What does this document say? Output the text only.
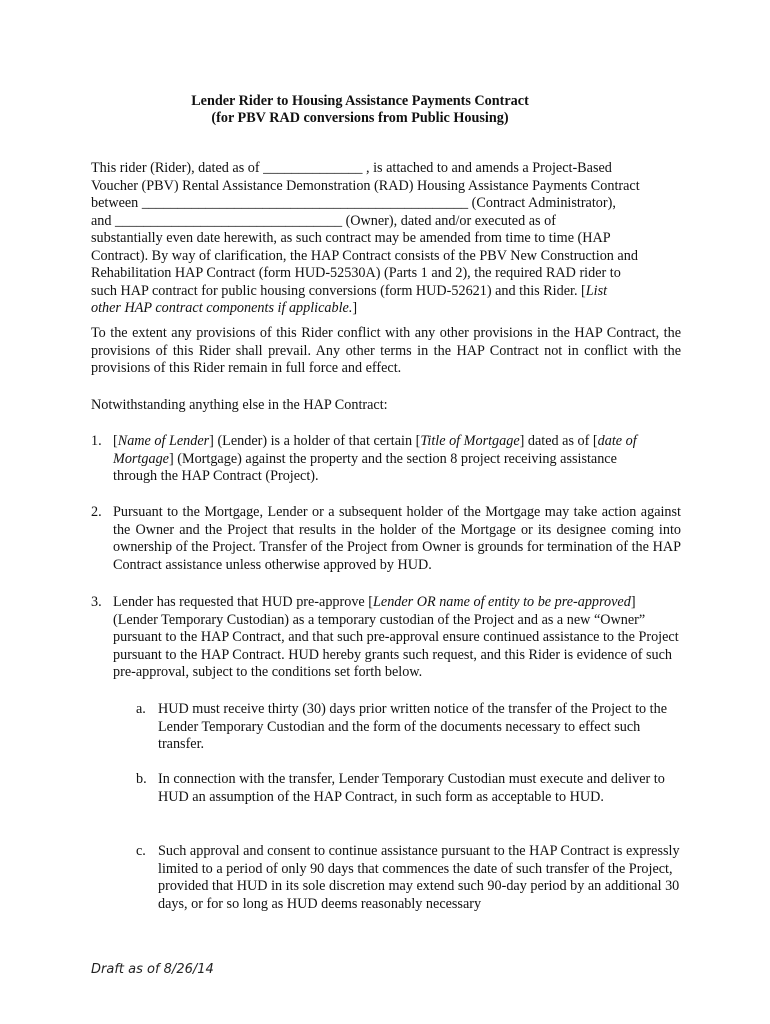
Lender Rider to Housing Assistance Payments Contract
(for PBV RAD conversions from Public Housing)
This rider (Rider), dated as of ______________ , is attached to and amends a Project-Based
Voucher (PBV) Rental Assistance Demonstration (RAD) Housing Assistance Payments Contract
between ______________________________________________ (Contract Administrator),
and ________________________________ (Owner), dated and/or executed as of
substantially even date herewith, as such contract may be amended from time to time (HAP
Contract). By way of clarification, the HAP Contract consists of the PBV New Construction and
Rehabilitation HAP Contract (form HUD-52530A) (Parts 1 and 2), the required RAD rider to
such HAP contract for public housing conversions (form HUD-52621) and this Rider. [List
other HAP contract components if applicable.]

To the extent any provisions of this Rider conflict with any other provisions in the HAP Contract, the provisions of this Rider shall prevail. Any other terms in the HAP Contract not in conflict with the provisions of this Rider remain in full force and effect.

Notwithstanding anything else in the HAP Contract:

1. [Name of Lender] (Lender) is a holder of that certain [Title of Mortgage] dated as of [date of
Mortgage] (Mortgage) against the property and the section 8 project receiving assistance
through the HAP Contract (Project).
2. Pursuant to the Mortgage, Lender or a subsequent holder of the Mortgage may take action against the Owner and the Project that results in the holder of the Mortgage or its designee coming into ownership of the Project. Transfer of the Project from Owner is grounds for termination of the HAP Contract assistance unless otherwise approved by HUD.
3. Lender has requested that HUD pre-approve [Lender OR name of entity to be pre-approved] (Lender Temporary Custodian) as a temporary custodian of the Project and as a new “Owner” pursuant to the HAP Contract, and that such pre-approval ensure continued assistance to the Project pursuant to the HAP Contract. HUD hereby grants such request, and this Rider is evidence of such pre-approval, subject to the conditions set forth below.
a. HUD must receive thirty (30) days prior written notice of the transfer of the Project to the Lender Temporary Custodian and the form of the documents necessary to effect such transfer.
b. In connection with the transfer, Lender Temporary Custodian must execute and deliver to HUD an assumption of the HAP Contract, in such form as acceptable to HUD.
c. Such approval and consent to continue assistance pursuant to the HAP Contract is expressly limited to a period of only 90 days that commences the date of such transfer of the Project, provided that HUD in its sole discretion may extend such 90-day period by an additional 30 days, or for so long as HUD deems reasonably necessary
Draft as of 8/26/14
